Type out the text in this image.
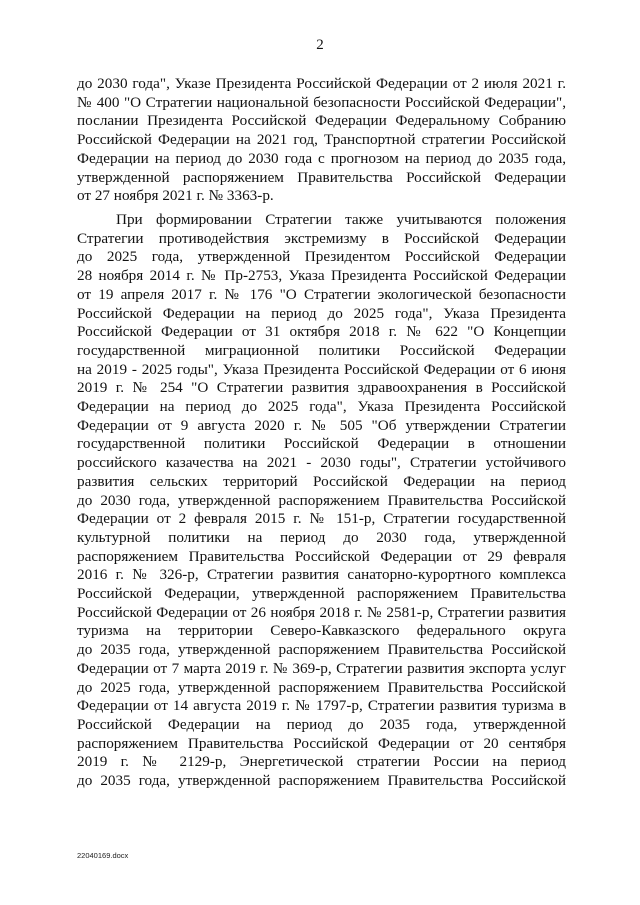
2
до 2030 года", Указе Президента Российской Федерации от 2 июля 2021 г.
№ 400 "О Стратегии национальной безопасности Российской Федерации",
послании Президента Российской Федерации Федеральному Собранию
Российской Федерации на 2021 год, Транспортной стратегии Российской
Федерации на период до 2030 года с прогнозом на период до 2035 года,
утвержденной распоряжением Правительства Российской Федерации
от 27 ноября 2021 г. № 3363-р.
При формировании Стратегии также учитываются положения
Стратегии противодействия экстремизму в Российской Федерации
до 2025 года, утвержденной Президентом Российской Федерации
28 ноября 2014 г. № Пр-2753, Указа Президента Российской Федерации
от 19 апреля 2017 г. № 176 "О Стратегии экологической безопасности
Российской Федерации на период до 2025 года", Указа Президента
Российской Федерации от 31 октября 2018 г. № 622 "О Концепции
государственной миграционной политики Российской Федерации
на 2019 - 2025 годы", Указа Президента Российской Федерации от 6 июня
2019 г. № 254 "О Стратегии развития здравоохранения в Российской
Федерации на период до 2025 года", Указа Президента Российской
Федерации от 9 августа 2020 г. № 505 "Об утверждении Стратегии
государственной политики Российской Федерации в отношении
российского казачества на 2021 - 2030 годы", Стратегии устойчивого
развития сельских территорий Российской Федерации на период
до 2030 года, утвержденной распоряжением Правительства Российской
Федерации от 2 февраля 2015 г. № 151-р, Стратегии государственной
культурной политики на период до 2030 года, утвержденной
распоряжением Правительства Российской Федерации от 29 февраля
2016 г. № 326-р, Стратегии развития санаторно-курортного комплекса
Российской Федерации, утвержденной распоряжением Правительства
Российской Федерации от 26 ноября 2018 г. № 2581-р, Стратегии развития
туризма на территории Северо-Кавказского федерального округа
до 2035 года, утвержденной распоряжением Правительства Российской
Федерации от 7 марта 2019 г. № 369-р, Стратегии развития экспорта услуг
до 2025 года, утвержденной распоряжением Правительства Российской
Федерации от 14 августа 2019 г. № 1797-р, Стратегии развития туризма в
Российской Федерации на период до 2035 года, утвержденной
распоряжением Правительства Российской Федерации от 20 сентября
2019 г. № 2129-р, Энергетической стратегии России на период
до 2035 года, утвержденной распоряжением Правительства Российской
22040169.docx
